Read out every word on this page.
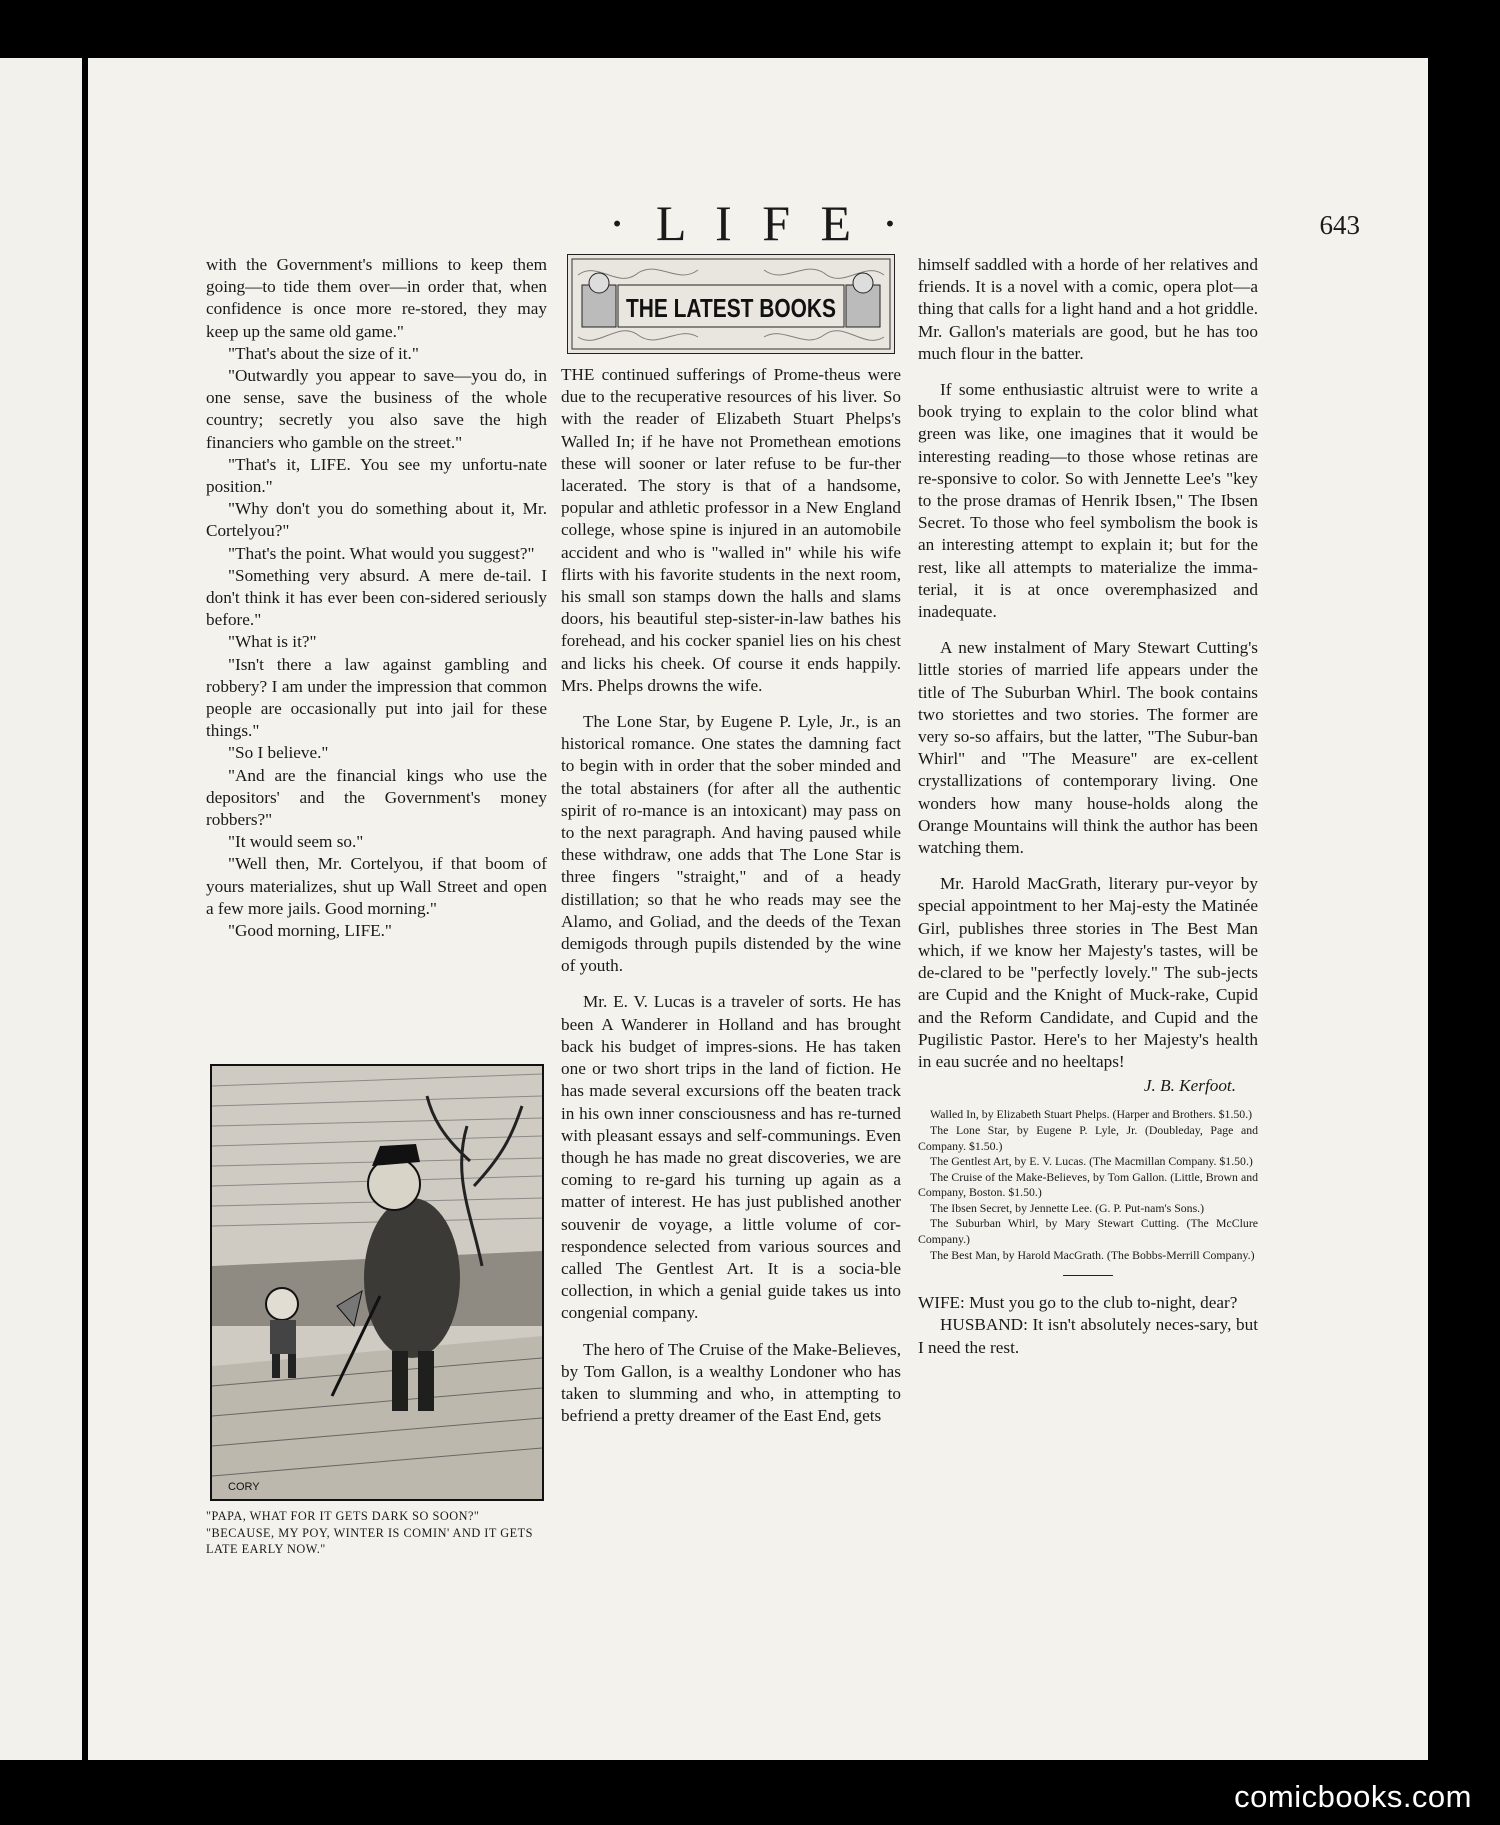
· L I F E ·	643

with the Government's millions to keep them going—to tide them over—in order that, when confidence is once more re-stored, they may keep up the same old game."

"That's about the size of it."

"Outwardly you appear to save—you do, in one sense, save the business of the whole country; secretly you also save the high financiers who gamble on the street."

"That's it, LIFE. You see my unfortu-nate position."

"Why don't you do something about it, Mr. Cortelyou?"

"That's the point. What would you suggest?"

"Something very absurd. A mere de-tail. I don't think it has ever been con-sidered seriously before."

"What is it?"

"Isn't there a law against gambling and robbery? I am under the impression that common people are occasionally put into jail for these things."

"So I believe."

"And are the financial kings who use the depositors' and the Government's money robbers?"

"It would seem so."

"Well then, Mr. Cortelyou, if that boom of yours materializes, shut up Wall Street and open a few more jails. Good morning."

"Good morning, LIFE."

CORY

"PAPA, WHAT FOR IT GETS DARK SO SOON?"

"BECAUSE, MY POY, WINTER IS COMIN' AND IT GETS LATE EARLY NOW."

THE LATEST BOOKS

THE continued sufferings of Prome-theus were due to the recuperative resources of his liver. So with the reader of Elizabeth Stuart Phelps's Walled In; if he have not Promethean emotions these will sooner or later refuse to be fur-ther lacerated. The story is that of a handsome, popular and athletic professor in a New England college, whose spine is injured in an automobile accident and who is "walled in" while his wife flirts with his favorite students in the next room, his small son stamps down the halls and slams doors, his beautiful step-sister-in-law bathes his forehead, and his cocker spaniel lies on his chest and licks his cheek. Of course it ends happily. Mrs. Phelps drowns the wife.

The Lone Star, by Eugene P. Lyle, Jr., is an historical romance. One states the damning fact to begin with in order that the sober minded and the total abstainers (for after all the authentic spirit of ro-mance is an intoxicant) may pass on to the next paragraph. And having paused while these withdraw, one adds that The Lone Star is three fingers "straight," and of a heady distillation; so that he who reads may see the Alamo, and Goliad, and the deeds of the Texan demigods through pupils distended by the wine of youth.

Mr. E. V. Lucas is a traveler of sorts. He has been A Wanderer in Holland and has brought back his budget of impres-sions. He has taken one or two short trips in the land of fiction. He has made several excursions off the beaten track in his own inner consciousness and has re-turned with pleasant essays and self-communings. Even though he has made no great discoveries, we are coming to re-gard his turning up again as a matter of interest. He has just published another souvenir de voyage, a little volume of cor-respondence selected from various sources and called The Gentlest Art. It is a socia-ble collection, in which a genial guide takes us into congenial company.

The hero of The Cruise of the Make-Believes, by Tom Gallon, is a wealthy Londoner who has taken to slumming and who, in attempting to befriend a pretty dreamer of the East End, gets

himself saddled with a horde of her relatives and friends. It is a novel with a comic, opera plot—a thing that calls for a light hand and a hot griddle. Mr. Gallon's materials are good, but he has too much flour in the batter.

If some enthusiastic altruist were to write a book trying to explain to the color blind what green was like, one imagines that it would be interesting reading—to those whose retinas are re-sponsive to color. So with Jennette Lee's "key to the prose dramas of Henrik Ibsen," The Ibsen Secret. To those who feel symbolism the book is an interesting attempt to explain it; but for the rest, like all attempts to materialize the imma-terial, it is at once overemphasized and inadequate.

A new instalment of Mary Stewart Cutting's little stories of married life appears under the title of The Suburban Whirl. The book contains two storiettes and two stories. The former are very so-so affairs, but the latter, "The Subur-ban Whirl" and "The Measure" are ex-cellent crystallizations of contemporary living. One wonders how many house-holds along the Orange Mountains will think the author has been watching them.

Mr. Harold MacGrath, literary pur-veyor by special appointment to her Maj-esty the Matinée Girl, publishes three stories in The Best Man which, if we know her Majesty's tastes, will be de-clared to be "perfectly lovely." The sub-jects are Cupid and the Knight of Muck-rake, Cupid and the Reform Candidate, and Cupid and the Pugilistic Pastor. Here's to her Majesty's health in eau sucrée and no heeltaps!

J. B. Kerfoot.

Walled In, by Elizabeth Stuart Phelps. (Harper and Brothers. $1.50.)

The Lone Star, by Eugene P. Lyle, Jr. (Doubleday, Page and Company. $1.50.)

The Gentlest Art, by E. V. Lucas. (The Macmillan Company. $1.50.)

The Cruise of the Make-Believes, by Tom Gallon. (Little, Brown and Company, Boston. $1.50.)

The Ibsen Secret, by Jennette Lee. (G. P. Put-nam's Sons.)

The Suburban Whirl, by Mary Stewart Cutting. (The McClure Company.)

The Best Man, by Harold MacGrath. (The Bobbs-Merrill Company.)

WIFE: Must you go to the club to-night, dear?

HUSBAND: It isn't absolutely neces-sary, but I need the rest.

comicbooks.com
